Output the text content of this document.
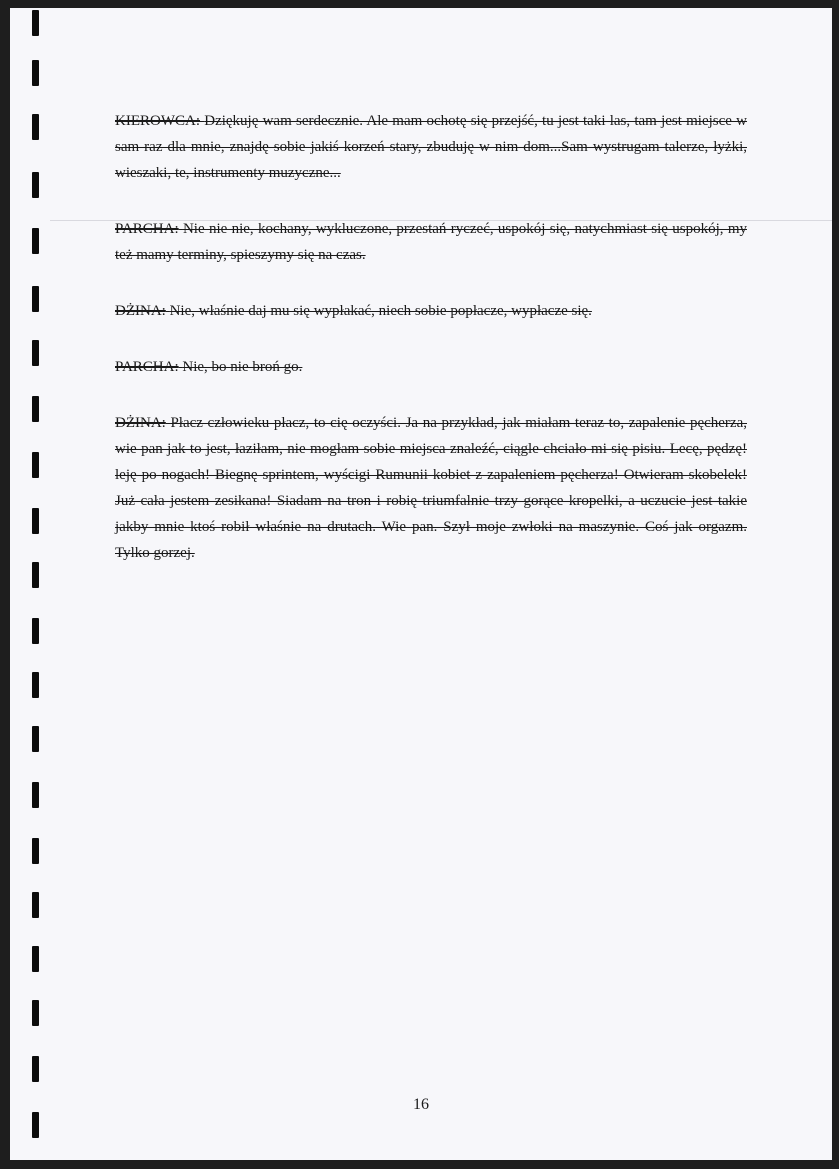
KIEROWCA: Dziękuję wam serdecznie. Ale mam ochotę się przejść, tu jest taki las, tam jest miejsce w sam raz dla mnie, znajdę sobie jakiś korzeń stary, zbuduję w nim dom...Sam wystrugam talerze, łyżki, wieszaki, te, instrumenty muzyczne...

PARCHA: Nie nie nie, kochany, wykluczone, przestań ryczeć, uspokój się, natychmiast się uspokój, my też mamy terminy, spieszymy się na czas.

DŻINA: Nie, właśnie daj mu się wypłakać, niech sobie popłacze, wypłacze się.

PARCHA: Nie, bo nie broń go.

DŻINA: Płacz człowieku płacz, to cię oczyści. Ja na przykład, jak miałam teraz to, zapalenie pęcherza, wie pan jak to jest, łaziłam, nie mogłam sobie miejsca znaleźć, ciągle chciało mi się pisiu. Lecę, pędzę! leję po nogach! Biegnę sprintem, wyścigi Rumunii kobiet z zapaleniem pęcherza! Otwieram skobelek! Już cała jestem zesikana! Siadam na tron i robię triumfalnie trzy gorące kropelki, a uczucie jest takie jakby mnie ktoś robił właśnie na drutach. Wie pan. Szył moje zwłoki na maszynie. Coś jak orgazm. Tylko gorzej.

16
